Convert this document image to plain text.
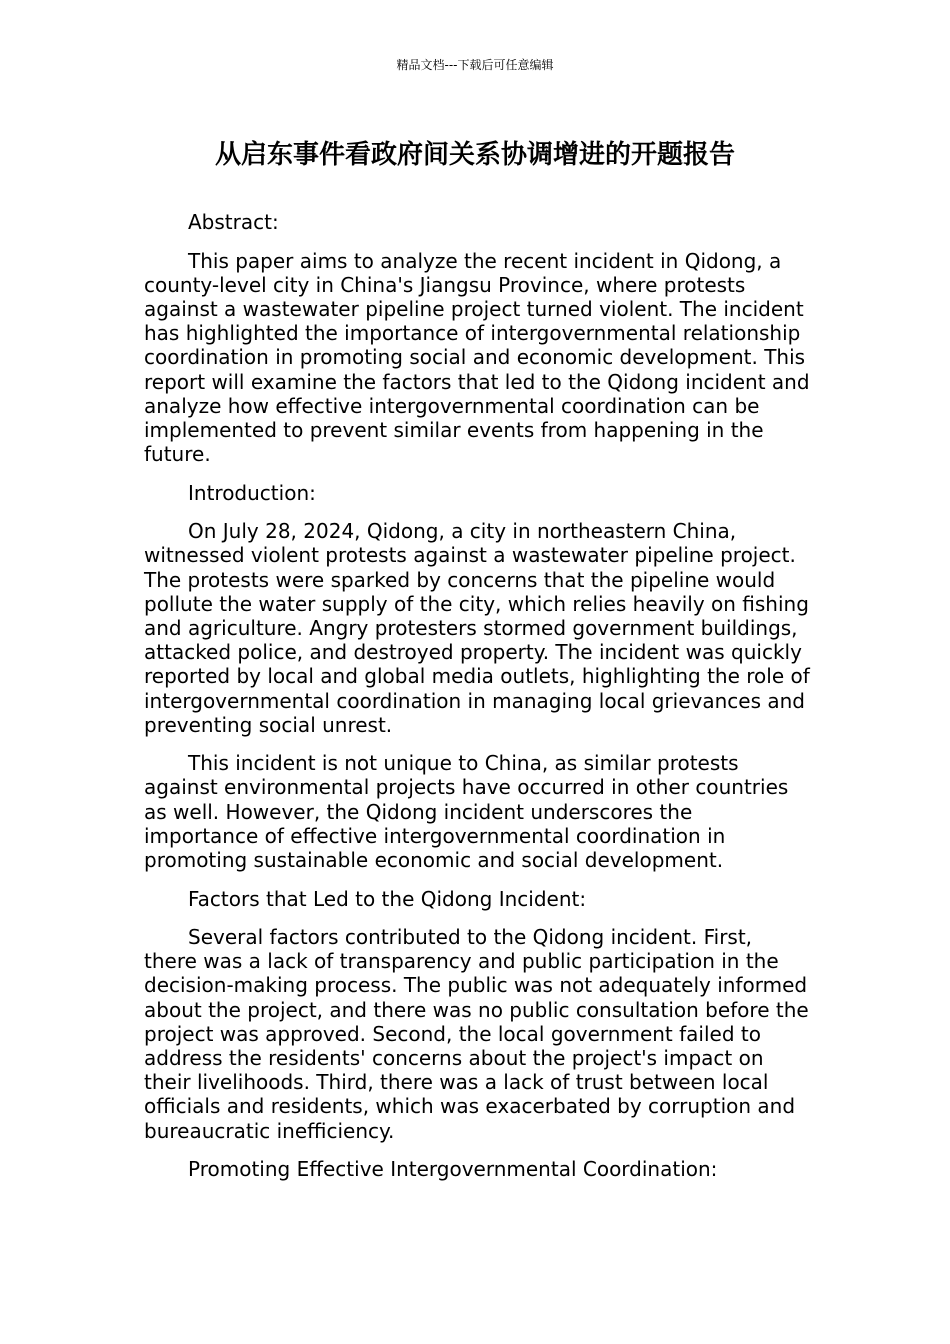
精品文档---下载后可任意编辑
从启东事件看政府间关系协调增进的开题报告

Abstract:

This paper aims to analyze the recent incident in Qidong, a county-level city in China's Jiangsu Province, where protests against a wastewater pipeline project turned violent. The incident has highlighted the importance of intergovernmental relationship coordination in promoting social and economic development. This report will examine the factors that led to the Qidong incident and analyze how effective intergovernmental coordination can be implemented to prevent similar events from happening in the future.

Introduction:

On July 28, 2024, Qidong, a city in northeastern China, witnessed violent protests against a wastewater pipeline project. The protests were sparked by concerns that the pipeline would pollute the water supply of the city, which relies heavily on fishing and agriculture. Angry protesters stormed government buildings, attacked police, and destroyed property. The incident was quickly reported by local and global media outlets, highlighting the role of intergovernmental coordination in managing local grievances and preventing social unrest.

This incident is not unique to China, as similar protests against environmental projects have occurred in other countries as well. However, the Qidong incident underscores the importance of effective intergovernmental coordination in promoting sustainable economic and social development.

Factors that Led to the Qidong Incident:

Several factors contributed to the Qidong incident. First, there was a lack of transparency and public participation in the decision-making process. The public was not adequately informed about the project, and there was no public consultation before the project was approved. Second, the local government failed to address the residents' concerns about the project's impact on their livelihoods. Third, there was a lack of trust between local officials and residents, which was exacerbated by corruption and bureaucratic inefficiency.

Promoting Effective Intergovernmental Coordination:
